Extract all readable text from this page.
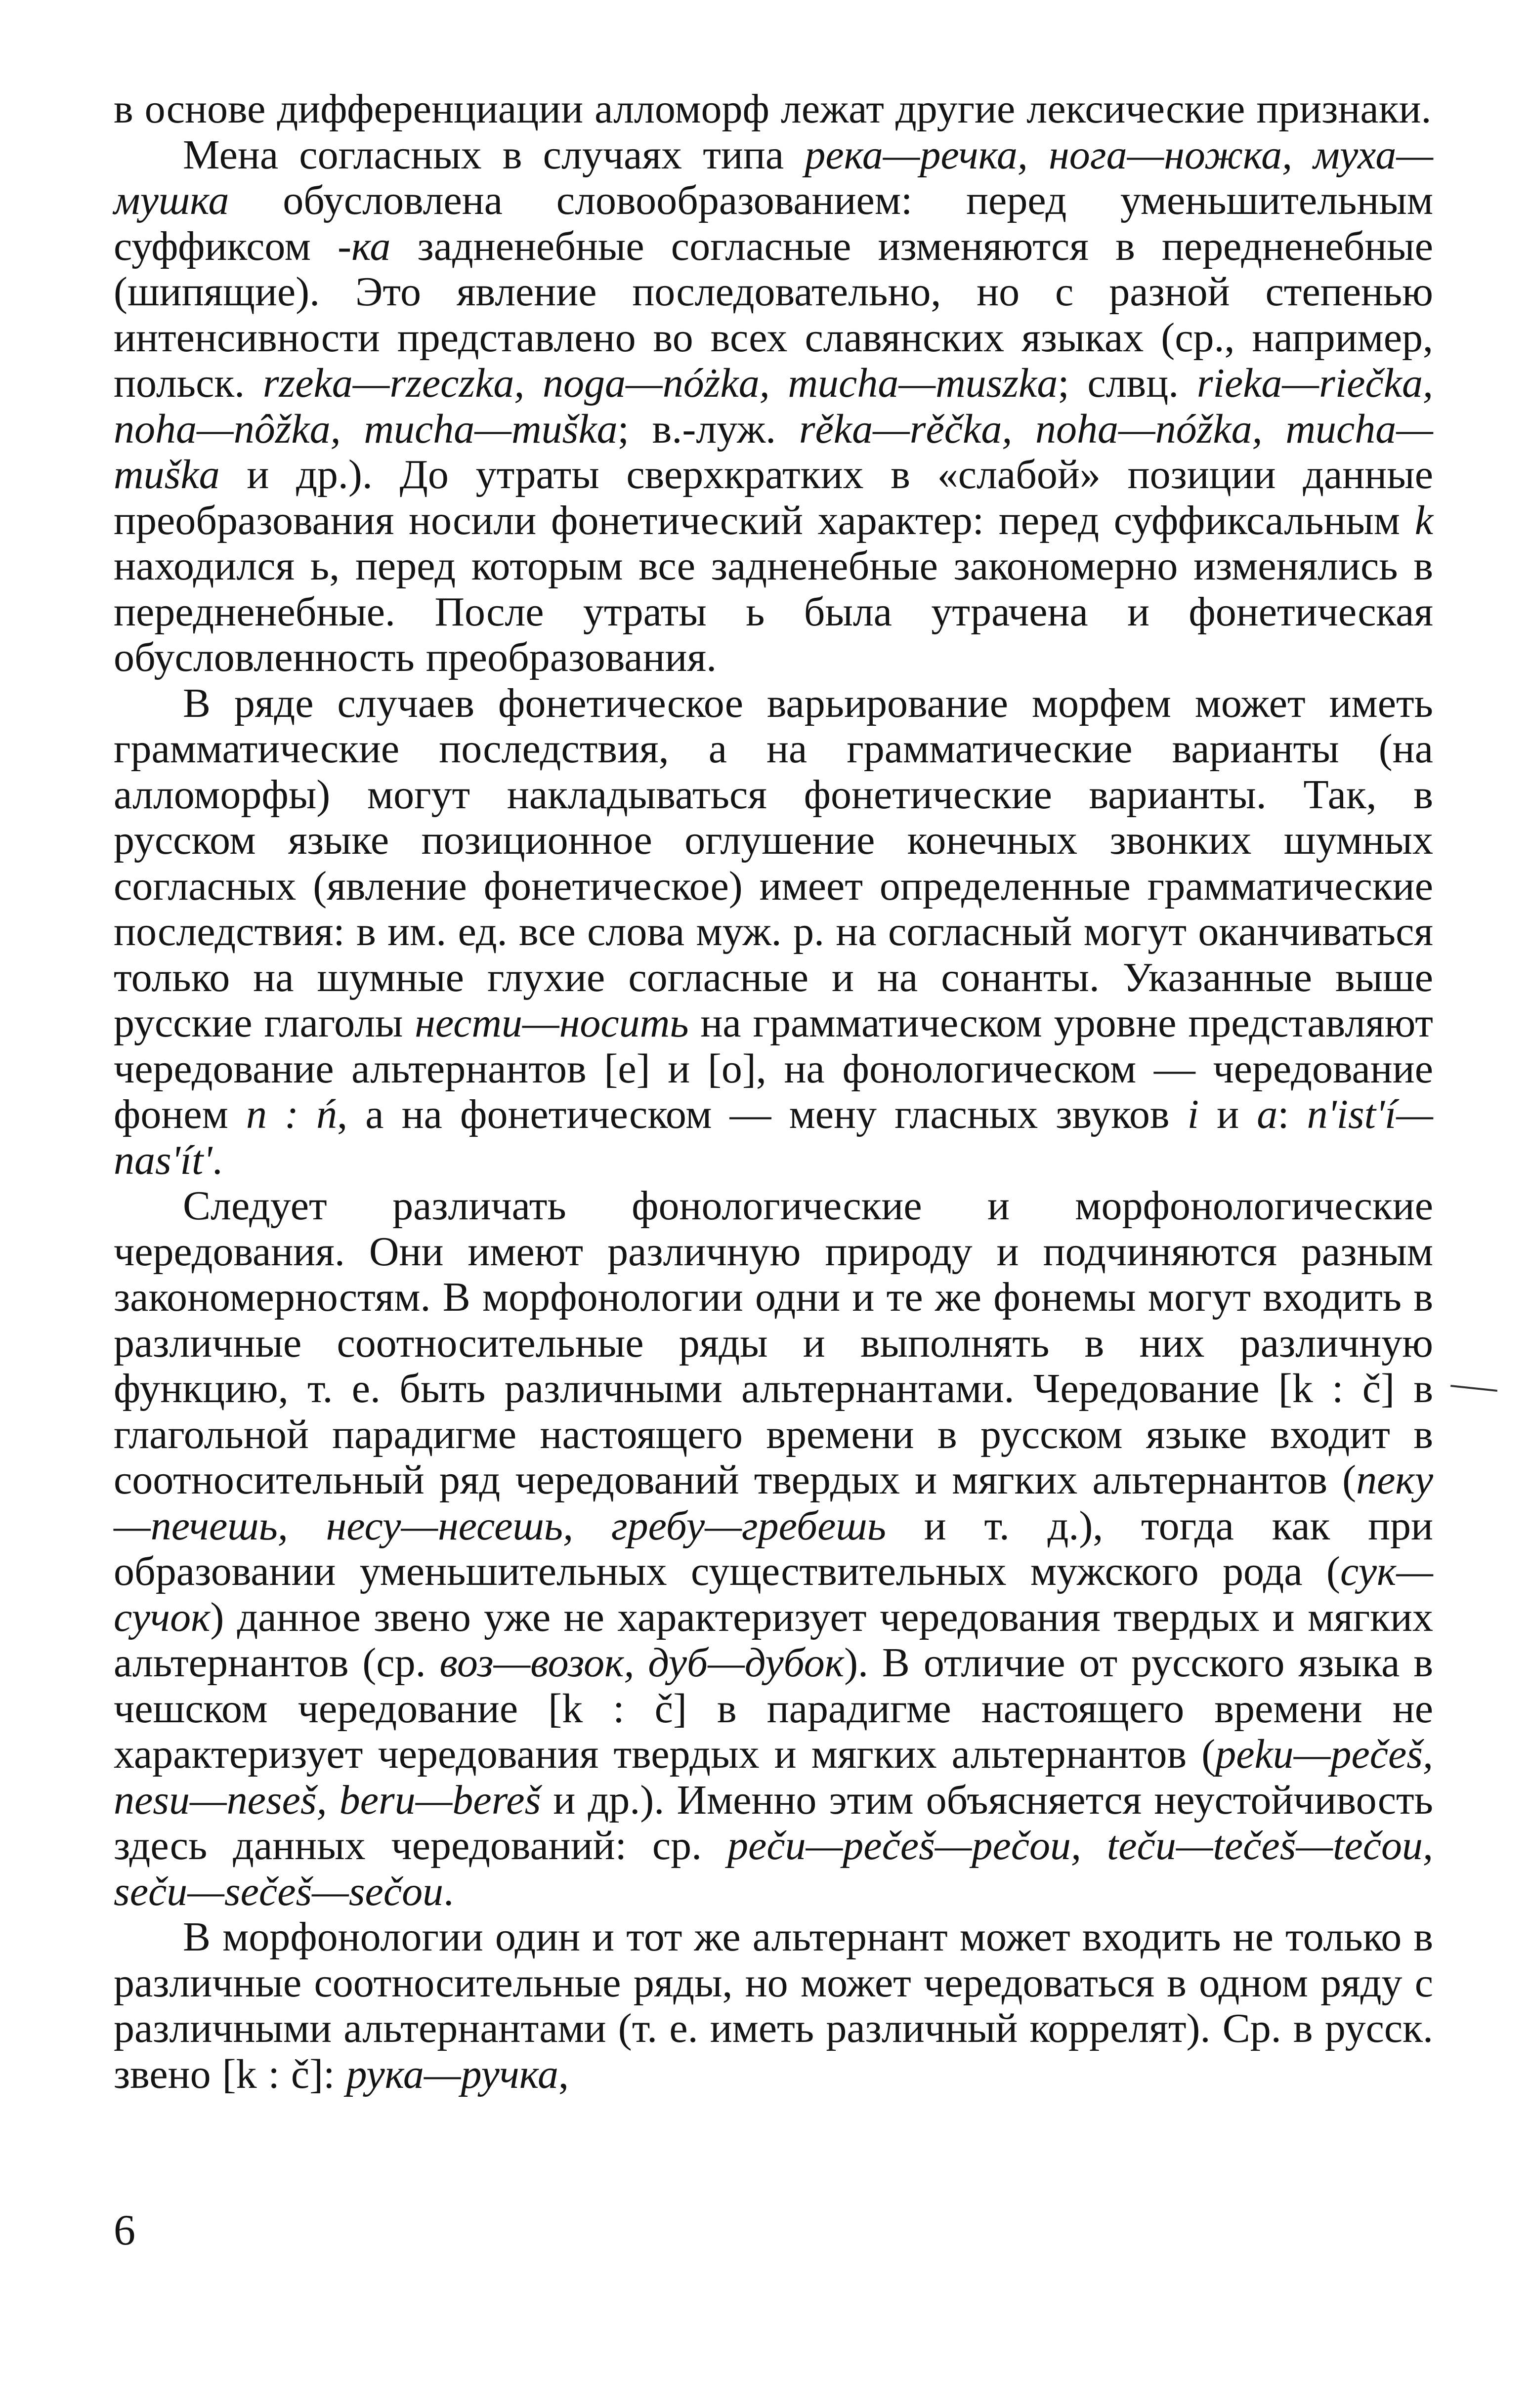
в основе дифференциации алломорф лежат другие лексические признаки.

Мена согласных в случаях типа река—речка, нога—ножка, муха—мушка обусловлена словообразованием: перед уменьшительным суффиксом -ка задненебные согласные изменяются в передненебные (шипящие). Это явление последовательно, но с разной степенью интенсивности представлено во всех славянских языках (ср., например, польск. rzeka—rzeczka, noga—nóżka, mucha—muszka; слвц. rieka—riečka, noha—nôžka, mucha—muška; в.-луж. rěka—rěčka, noha—nóžka, mucha—muška и др.). До утраты сверхкратких в «слабой» позиции данные преобразования носили фонетический характер: перед суффиксальным k находился ь, перед которым все задненебные закономерно изменялись в передненебные. После утраты ь была утрачена и фонетическая обусловленность преобразования.

В ряде случаев фонетическое варьирование морфем может иметь грамматические последствия, а на грамматические варианты (на алломорфы) могут накладываться фонетические варианты. Так, в русском языке позиционное оглушение конечных звонких шумных согласных (явление фонетическое) имеет определенные грамматические последствия: в им. ед. все слова муж. р. на согласный могут оканчиваться только на шумные глухие согласные и на сонанты. Указанные выше русские глаголы нести—носить на грамматическом уровне представляют чередование альтернантов [e] и [o], на фонологическом — чередование фонем n : ń, а на фонетическом — мену гласных звуков i и a: n'ist'í—nas'ít'.

Следует различать фонологические и морфонологические чередования. Они имеют различную природу и подчиняются разным закономерностям. В морфонологии одни и те же фонемы могут входить в различные соотносительные ряды и выполнять в них различную функцию, т. е. быть различными альтернантами. Чередование [k : č] в глагольной парадигме настоящего времени в русском языке входит в соотносительный ряд чередований твердых и мягких альтернантов (пеку—печешь, несу—несешь, гребу—гребешь и т. д.), тогда как при образовании уменьшительных существительных мужского рода (сук—сучок) данное звено уже не характеризует чередования твердых и мягких альтернантов (ср. воз—возок, дуб—дубок). В отличие от русского языка в чешском чередование [k : č] в парадигме настоящего времени не характеризует чередования твердых и мягких альтернантов (peku—pečeš, nesu—neseš, beru—bereš и др.). Именно этим объясняется неустойчивость здесь данных чередований: ср. peču—pečeš—pečou, teču—tečeš—tečou, seču—sečeš—sečou.

В морфонологии один и тот же альтернант может входить не только в различные соотносительные ряды, но может чередоваться в одном ряду с различными альтернантами (т. е. иметь различный коррелят). Ср. в русск. звено [k : č]: рука—ручка,

6
